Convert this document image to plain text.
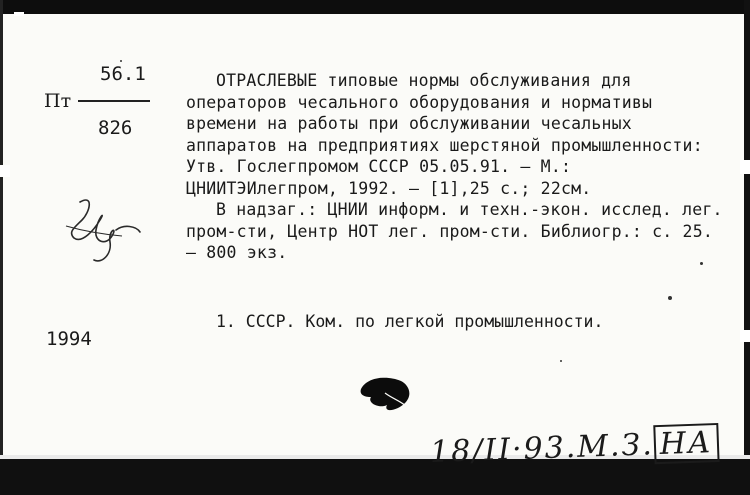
56.1
Пт
826
1994
ОТРАСЛЕВЫЕ типовые нормы обслуживания для операторов чесального оборудования и нормативы времени на работы при обслуживании чесальных аппаратов на предприятиях шерстяной промышленности: Утв. Гослегпромом СССР 05.05.91. – М.: ЦНИИТЭИлегпром, 1992. – [1],25 с.; 22см.
В надзаг.: ЦНИИ информ. и техн.-экон. исслед. лег. пром-сти, Центр НОТ лег. пром-сти. Библиогр.: с. 25. – 800 экз.
1. СССР. Ком. по легкой промышленности.
18/II·93.М.З. НА
